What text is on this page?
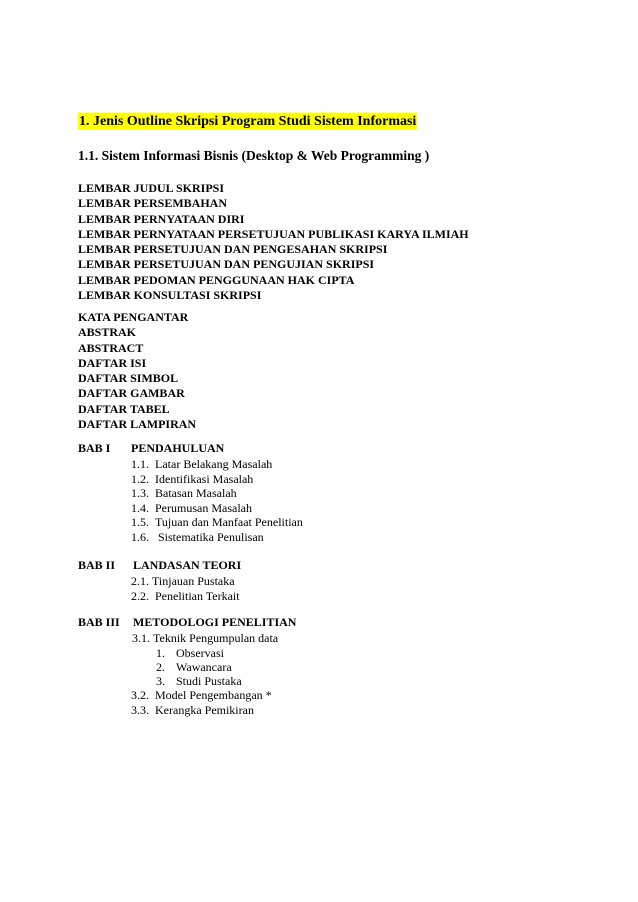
1. Jenis Outline Skripsi Program Studi Sistem Informasi
1.1. Sistem Informasi Bisnis (Desktop & Web Programming )
LEMBAR JUDUL SKRIPSI
LEMBAR PERSEMBAHAN
LEMBAR PERNYATAAN DIRI
LEMBAR PERNYATAAN PERSETUJUAN PUBLIKASI KARYA ILMIAH
LEMBAR PERSETUJUAN DAN PENGESAHAN SKRIPSI
LEMBAR PERSETUJUAN DAN PENGUJIAN SKRIPSI
LEMBAR PEDOMAN PENGGUNAAN HAK CIPTA
LEMBAR KONSULTASI SKRIPSI
KATA PENGANTAR
ABSTRAK
ABSTRACT
DAFTAR ISI
DAFTAR SIMBOL
DAFTAR GAMBAR
DAFTAR TABEL
DAFTAR LAMPIRAN
BAB I PENDAHULUAN
1.1. Latar Belakang Masalah
1.2. Identifikasi Masalah
1.3. Batasan Masalah
1.4. Perumusan Masalah
1.5. Tujuan dan Manfaat Penelitian
1.6. Sistematika Penulisan
BAB II LANDASAN TEORI
2.1. Tinjauan Pustaka
2.2. Penelitian Terkait
BAB III METODOLOGI PENELITIAN
3.1. Teknik Pengumpulan data
1. Observasi
2. Wawancara
3. Studi Pustaka
3.2. Model Pengembangan *
3.3. Kerangka Pemikiran
